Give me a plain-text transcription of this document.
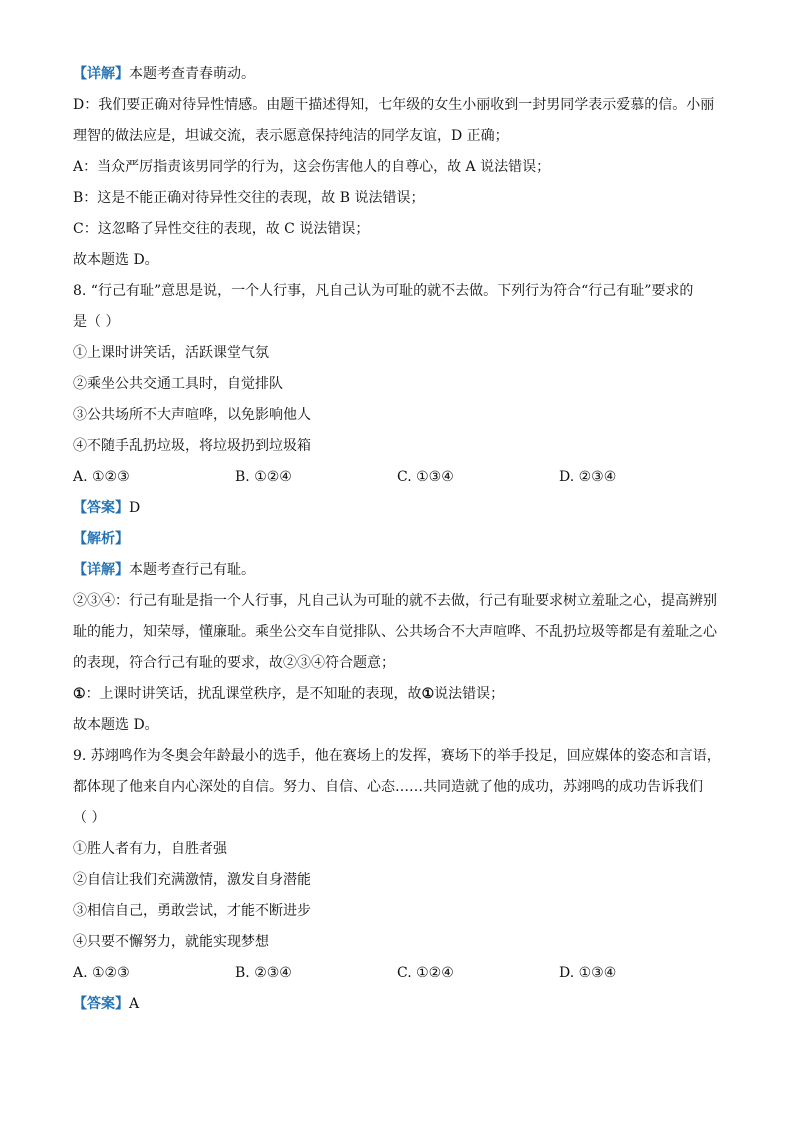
【详解】本题考查青春萌动。

D：我们要正确对待异性情感。由题干描述得知，七年级的女生小丽收到一封男同学表示爱慕的信。小丽

理智的做法应是，坦诚交流，表示愿意保持纯洁的同学友谊，D 正确；

A：当众严厉指责该男同学的行为，这会伤害他人的自尊心，故 A 说法错误；

B：这是不能正确对待异性交往的表现，故 B 说法错误；

C：这忽略了异性交往的表现，故 C 说法错误；

故本题选 D。

8. “行己有耻”意思是说，一个人行事，凡自己认为可耻的就不去做。下列行为符合“行己有耻”要求的

是（ ）

①上课时讲笑话，活跃课堂气氛

②乘坐公共交通工具时，自觉排队

③公共场所不大声喧哗，以免影响他人

④不随手乱扔垃圾，将垃圾扔到垃圾箱

A. ①②③	B. ①②④	C. ①③④	D. ②③④

【答案】D

【解析】

【详解】本题考查行己有耻。

②③④：行己有耻是指一个人行事，凡自己认为可耻的就不去做，行己有耻要求树立羞耻之心，提高辨别

耻的能力，知荣辱，懂廉耻。乘坐公交车自觉排队、公共场合不大声喧哗、不乱扔垃圾等都是有羞耻之心

的表现，符合行己有耻的要求，故②③④符合题意；

①：上课时讲笑话，扰乱课堂秩序，是不知耻的表现，故①说法错误；

故本题选 D。

9. 苏翊鸣作为冬奥会年龄最小的选手，他在赛场上的发挥，赛场下的举手投足，回应媒体的姿态和言语，

都体现了他来自内心深处的自信。努力、自信、心态……共同造就了他的成功，苏翊鸣的成功告诉我们

（ ）

①胜人者有力，自胜者强

②自信让我们充满激情，激发自身潜能

③相信自己，勇敢尝试，才能不断进步

④只要不懈努力，就能实现梦想

A. ①②③	B. ②③④	C. ①②④	D. ①③④

【答案】A
